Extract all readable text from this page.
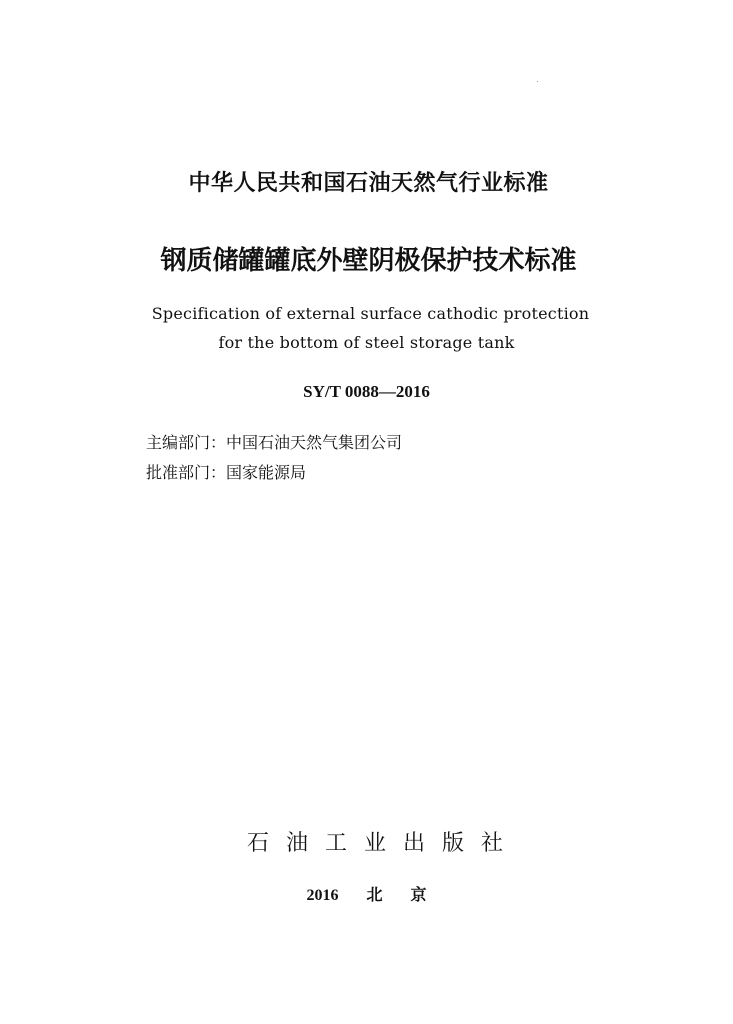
中华人民共和国石油天然气行业标准
钢质储罐罐底外壁阴极保护技术标准
Specification of external surface cathodic protection
for the bottom of steel storage tank
SY/T 0088—2016
主编部门：中国石油天然气集团公司
批准部门：国家能源局
石油工业出版社
2016  北  京
